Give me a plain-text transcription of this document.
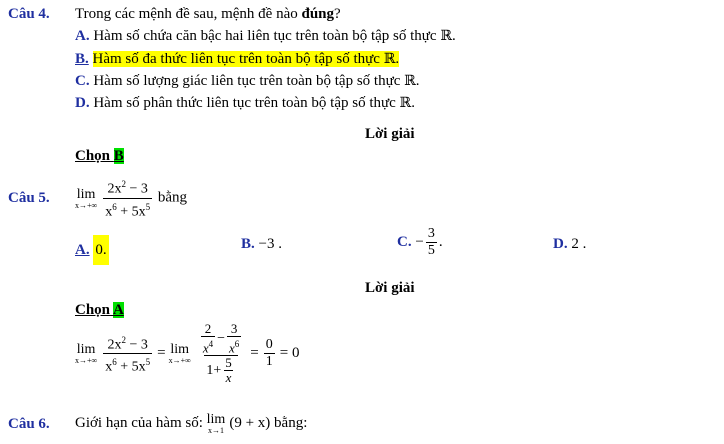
Câu 4. Trong các mệnh đề sau, mệnh đề nào đúng?
A. Hàm số chứa căn bậc hai liên tục trên toàn bộ tập số thực ℝ.
B. Hàm số đa thức liên tục trên toàn bộ tập số thực ℝ.
C. Hàm số lượng giác liên tục trên toàn bộ tập số thực ℝ.
D. Hàm số phân thức liên tục trên toàn bộ tập số thực ℝ.
Lời giải
Chọn B
Câu 5. lim
$x\to+\infty \frac{2x^2 - 3}{x^6 + 5x^5}$ bằng
A. 0.	B. −3 .	C. − $\frac{3}{5}$ .	D. 2 .
Lời giải
Chọn A
lim
$x\to+\infty \frac{2x^2 - 3}{x^6 + 5x^5} = \lim$
$x\to+\infty \frac{\frac{2}{x^4} - \frac{3}{x^6}}{1+ \frac{5}{x}} = \frac{0}{1} = 0$
Câu 6. Giới hạn của hàm số: lim
x→1 (9 + x) bằng:
